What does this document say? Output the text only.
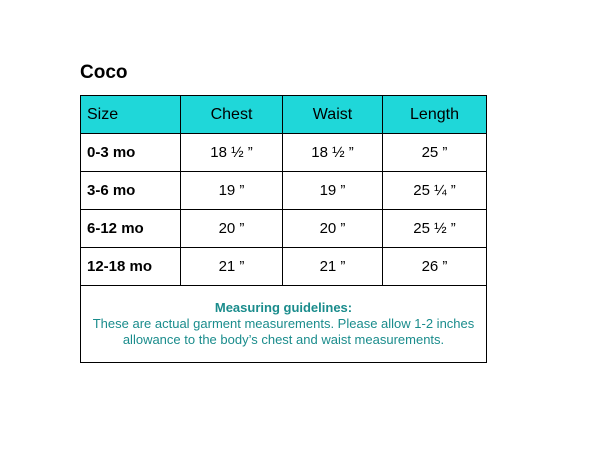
Coco
Size	Chest	Waist	Length
0-3 mo	18 ½ ”	18 ½ ”	25 ”
3-6 mo	19 ”	19 ”	25 ¼ ”
6-12 mo	20 ”	20 ”	25 ½ ”
12-18 mo	21 ”	21 ”	26 ”

Measuring guidelines:
These are actual garment measurements. Please allow 1-2 inches allowance to the body’s chest and waist measurements.			
